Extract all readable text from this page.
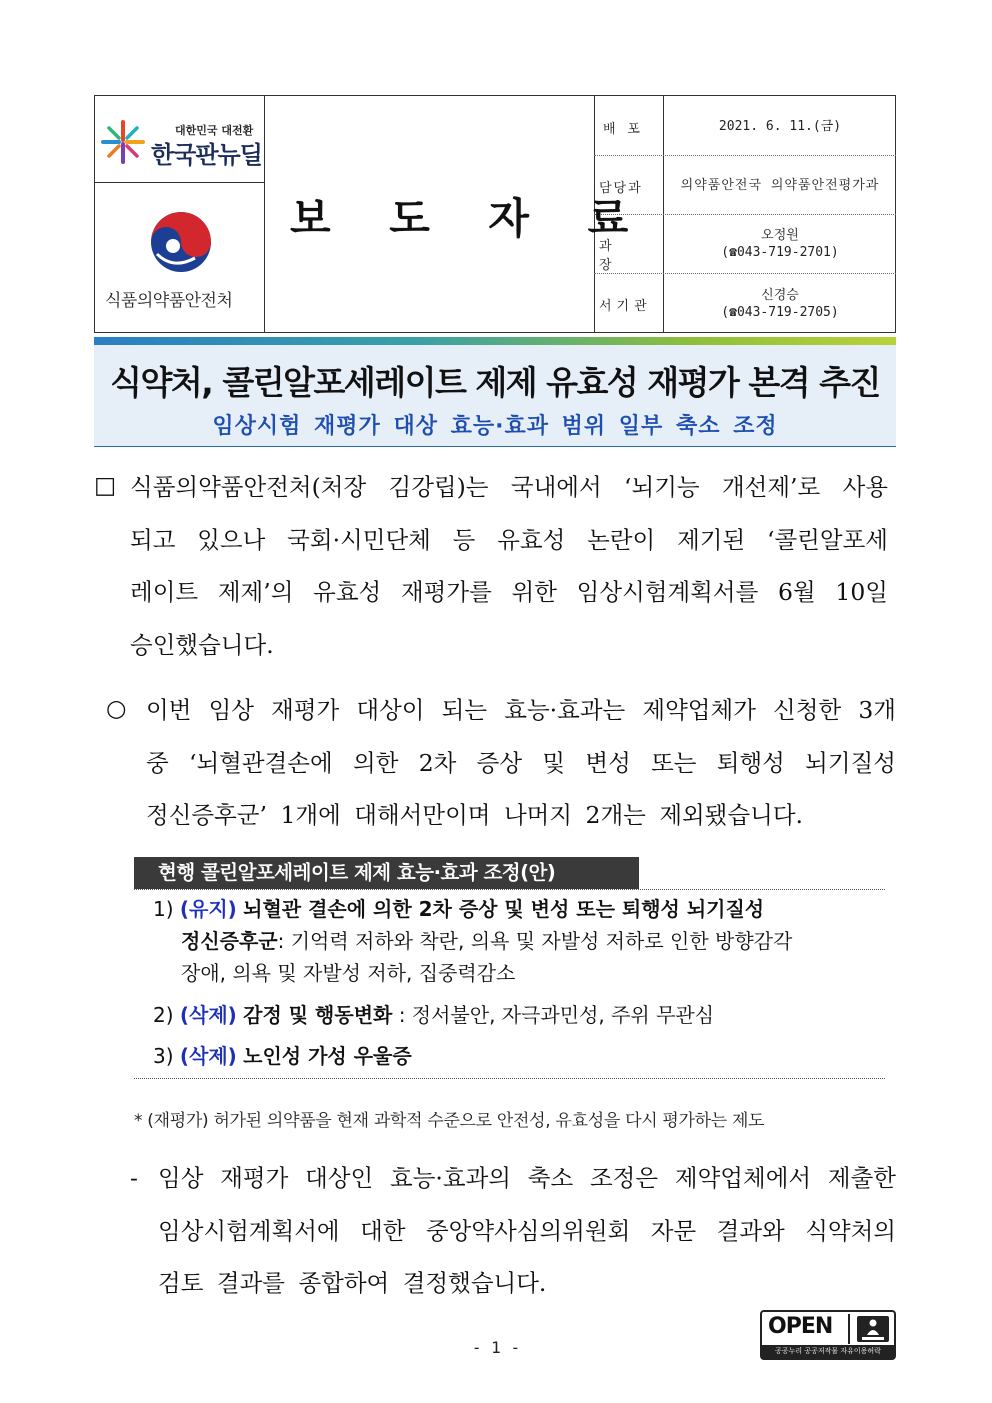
대한민국 대전환
한국판뉴딜
식품의약품안전처
보 도 자 료
배 포	2021. 6. 11.(금)
담당과	의약품안전국 의약품안전평가과
과 장
오정원
(☎043-719-2701)
서기관
신경승
(☎043-719-2705)
식약처, 콜린알포세레이트 제제 유효성 재평가 본격 추진
임상시험 재평가 대상 효능·효과 범위 일부 축소 조정
□ 식품의약품안전처(처장 김강립)는 국내에서 ‘뇌기능 개선제’로 사용
되고 있으나 국회·시민단체 등 유효성 논란이 제기된 ‘콜린알포세
레이트 제제’의 유효성 재평가를 위한 임상시험계획서를 6월 10일
승인했습니다.
○ 이번 임상 재평가 대상이 되는 효능·효과는 제약업체가 신청한 3개
중 ‘뇌혈관결손에 의한 2차 증상 및 변성 또는 퇴행성 뇌기질성
정신증후군’ 1개에 대해서만이며 나머지 2개는 제외됐습니다.
현행 콜린알포세레이트 제제 효능·효과 조정(안)
1) (유지) 뇌혈관 결손에 의한 2차 증상 및 변성 또는 퇴행성 뇌기질성
정신증후군: 기억력 저하와 착란, 의욕 및 자발성 저하로 인한 방향감각
장애, 의욕 및 자발성 저하, 집중력감소
2) (삭제) 감정 및 행동변화 : 정서불안, 자극과민성, 주위 무관심
3) (삭제) 노인성 가성 우울증
* (재평가) 허가된 의약품을 현재 과학적 수준으로 안전성, 유효성을 다시 평가하는 제도
- 임상 재평가 대상인 효능·효과의 축소 조정은 제약업체에서 제출한
임상시험계획서에 대한 중앙약사심의위원회 자문 결과와 식약처의
검토 결과를 종합하여 결정했습니다.
- 1 -
OPEN
공공누리 공공저작물 자유이용허락
